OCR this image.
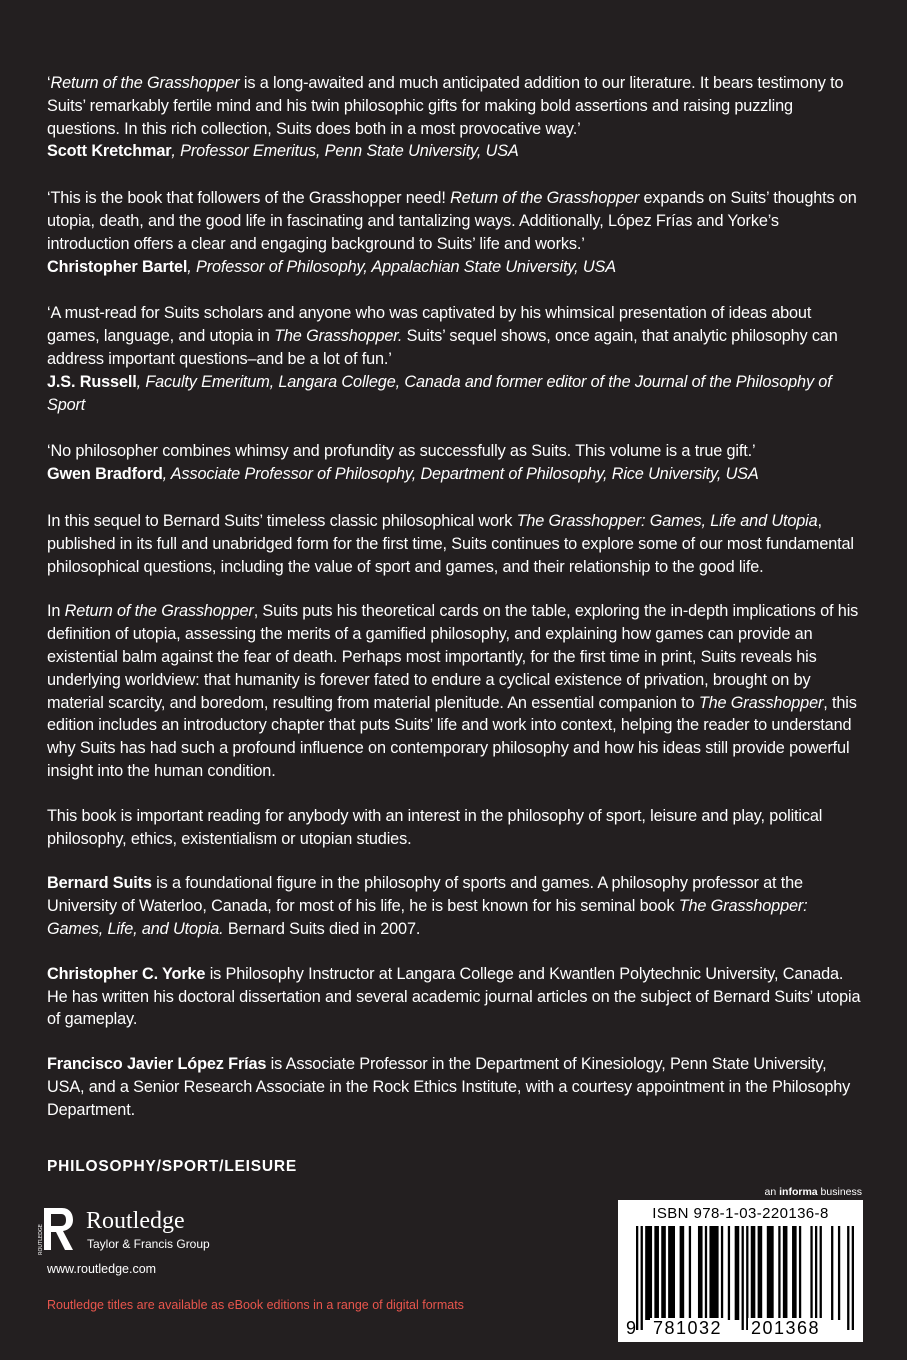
‘Return of the Grasshopper is a long-awaited and much anticipated addition to our literature. It bears testimony to Suits’ remarkably fertile mind and his twin philosophic gifts for making bold assertions and raising puzzling questions. In this rich collection, Suits does both in a most provocative way.’

Scott Kretchmar, Professor Emeritus, Penn State University, USA

‘This is the book that followers of the Grasshopper need! Return of the Grasshopper expands on Suits’ thoughts on utopia, death, and the good life in fascinating and tantalizing ways. Additionally, López Frías and Yorke’s introduction offers a clear and engaging background to Suits’ life and works.’

Christopher Bartel, Professor of Philosophy, Appalachian State University, USA

‘A must-read for Suits scholars and anyone who was captivated by his whimsical presentation of ideas about games, language, and utopia in The Grasshopper. Suits’ sequel shows, once again, that analytic philosophy can address important questions–and be a lot of fun.’

J.S. Russell, Faculty Emeritum, Langara College, Canada and former editor of the Journal of the Philosophy of Sport

‘No philosopher combines whimsy and profundity as successfully as Suits. This volume is a true gift.’

Gwen Bradford, Associate Professor of Philosophy, Department of Philosophy, Rice University, USA

In this sequel to Bernard Suits’ timeless classic philosophical work The Grasshopper: Games, Life and Utopia, published in its full and unabridged form for the first time, Suits continues to explore some of our most fundamental philosophical questions, including the value of sport and games, and their relationship to the good life.

In Return of the Grasshopper, Suits puts his theoretical cards on the table, exploring the in-depth implications of his definition of utopia, assessing the merits of a gamified philosophy, and explaining how games can provide an existential balm against the fear of death. Perhaps most importantly, for the first time in print, Suits reveals his underlying worldview: that humanity is forever fated to endure a cyclical existence of privation, brought on by material scarcity, and boredom, resulting from material plenitude. An essential companion to The Grasshopper, this edition includes an introductory chapter that puts Suits’ life and work into context, helping the reader to understand why Suits has had such a profound influence on contemporary philosophy and how his ideas still provide powerful insight into the human condition.

This book is important reading for anybody with an interest in the philosophy of sport, leisure and play, political philosophy, ethics, existentialism or utopian studies.

Bernard Suits is a foundational figure in the philosophy of sports and games. A philosophy professor at the University of Waterloo, Canada, for most of his life, he is best known for his seminal book The Grasshopper: Games, Life, and Utopia. Bernard Suits died in 2007.

Christopher C. Yorke is Philosophy Instructor at Langara College and Kwantlen Polytechnic University, Canada. He has written his doctoral dissertation and several academic journal articles on the subject of Bernard Suits’ utopia of gameplay.

Francisco Javier López Frías is Associate Professor in the Department of Kinesiology, Penn State University, USA, and a Senior Research Associate in the Rock Ethics Institute, with a courtesy appointment in the Philosophy Department.

PHILOSOPHY/SPORT/LEISURE
ROUTLEDGE
Routledge
Taylor & Francis Group
www.routledge.com
Routledge titles are available as eBook editions in a range of digital formats
an informa business
ISBN 978-1-03-220136-8
9 781032 201368
